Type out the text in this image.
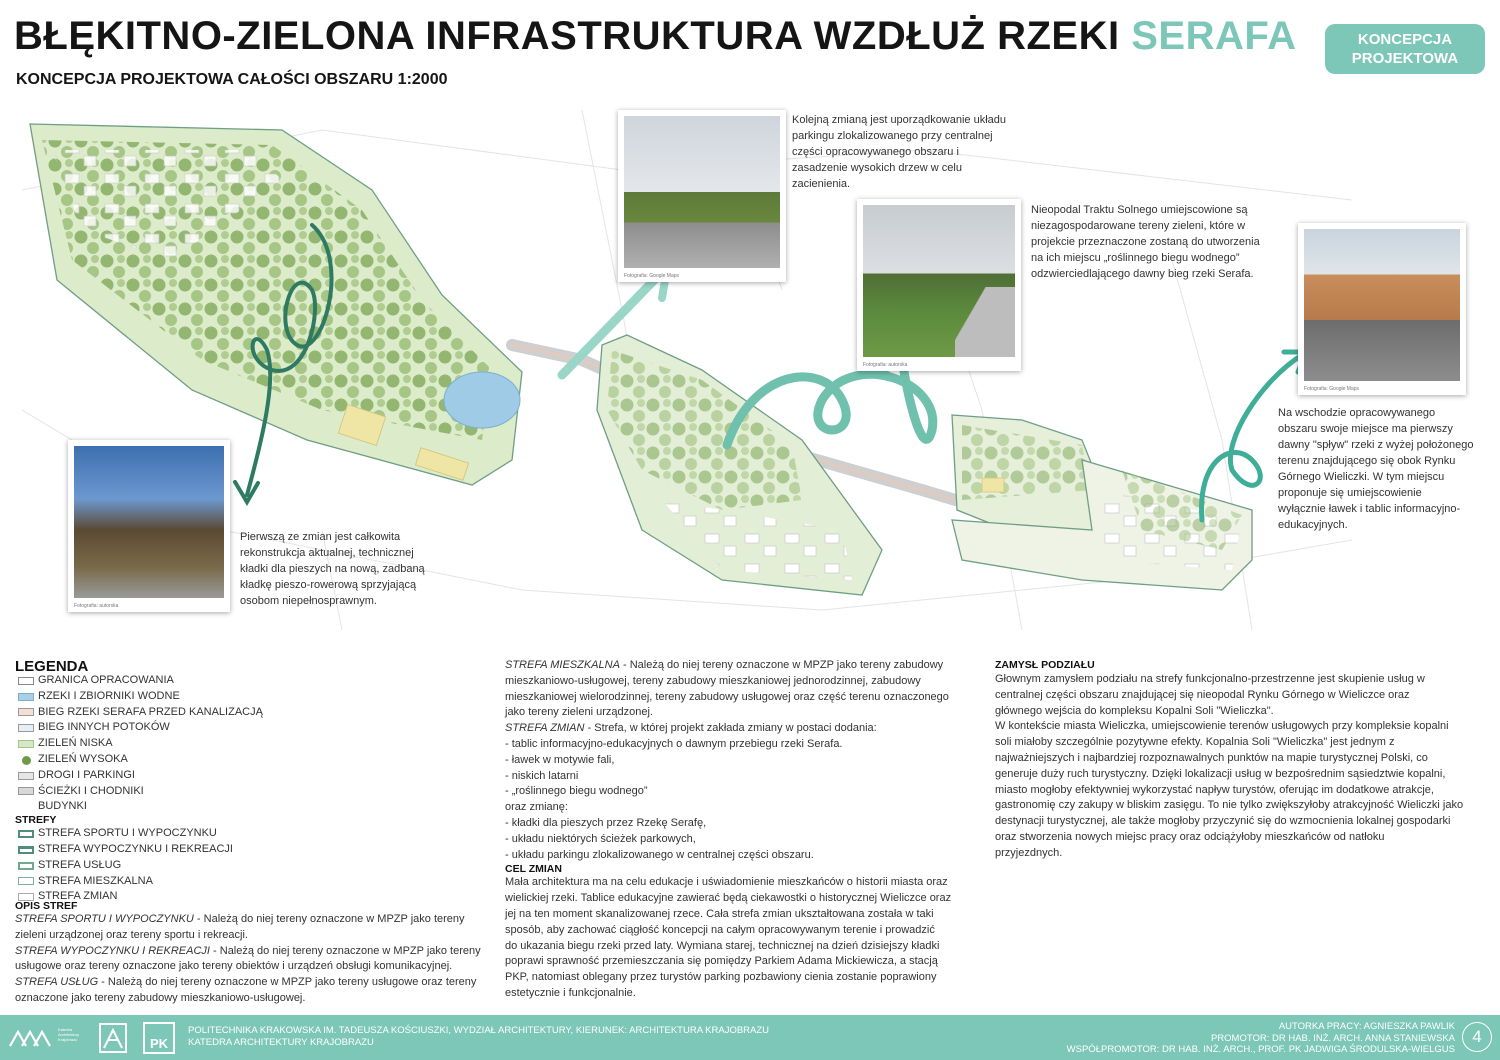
BŁĘKITNO-ZIELONA INFRASTRUKTURA WZDŁUŻ RZEKI SERAFA
KONCEPCJA PROJEKTOWA CAŁOŚCI OBSZARU 1:2000
KONCEPCJA
PROJEKTOWA
Fotografia: Google Maps
Fotografia: autorska
Fotografia: autorska
Fotografia: Google Maps
Kolejną zmianą jest uporządkowanie układu
parkingu zlokalizowanego przy centralnej
części opracowywanego obszaru i
zasadzenie wysokich drzew w celu
zacienienia.
Nieopodal Traktu Solnego umiejscowione są
niezagospodarowane tereny zieleni, które w
projekcie przeznaczone zostaną do utworzenia
na ich miejscu „roślinnego biegu wodnego”
odzwierciedlającego dawny bieg rzeki Serafa.
Na wschodzie opracowywanego
obszaru swoje miejsce ma pierwszy
dawny "spływ" rzeki z wyżej położonego
terenu znajdującego się obok Rynku
Górnego Wieliczki. W tym miejscu
proponuje się umiejscowienie
wyłącznie ławek i tablic informacyjno-
edukacyjnych.
Pierwszą ze zmian jest całkowita
rekonstrukcja aktualnej, technicznej
kładki dla pieszych na nową, zadbaną
kładkę pieszo-rowerową sprzyjającą
osobom niepełnosprawnym.
LEGENDA
GRANICA OPRACOWANIA
RZEKI I ZBIORNIKI WODNE
BIEG RZEKI SERAFA PRZED KANALIZACJĄ
BIEG INNYCH POTOKÓW
ZIELEŃ NISKA
ZIELEŃ WYSOKA
DROGI I PARKINGI
ŚCIEŻKI I CHODNIKI
BUDYNKI
STREFY
STREFA SPORTU I WYPOCZYNKU
STREFA WYPOCZYNKU I REKREACJI
STREFA USŁUG
STREFA MIESZKALNA
STREFA ZMIAN
OPIS STREF
STREFA SPORTU I WYPOCZYNKU - Należą do niej tereny oznaczone w MPZP jako tereny
zieleni urządzonej oraz tereny sportu i rekreacji.
STREFA WYPOCZYNKU I REKREACJI - Należą do niej tereny oznaczone w MPZP jako tereny
usługowe oraz tereny oznaczone jako tereny obiektów i urządzeń obsługi komunikacyjnej.
STREFA USŁUG - Należą do niej tereny oznaczone w MPZP jako tereny usługowe oraz tereny
oznaczone jako tereny zabudowy mieszkaniowo-usługowej.
STREFA MIESZKALNA - Należą do niej tereny oznaczone w MPZP jako tereny zabudowy
mieszkaniowo-usługowej, tereny zabudowy mieszkaniowej jednorodzinnej, zabudowy
mieszkaniowej wielorodzinnej, tereny zabudowy usługowej oraz część terenu oznaczonego
jako tereny zieleni urządzonej.
STREFA ZMIAN - Strefa, w której projekt zakłada zmiany w postaci dodania:
- tablic informacyjno-edukacyjnych o dawnym przebiegu rzeki Serafa.
- ławek w motywie fali,
- niskich latarni
- „roślinnego biegu wodnego”
oraz zmianę:
- kładki dla pieszych przez Rzekę Serafę,
- układu niektórych ścieżek parkowych,
- układu parkingu zlokalizowanego w centralnej części obszaru.
CEL ZMIAN
Mała architektura ma na celu edukacje i uświadomienie mieszkańców o historii miasta oraz
wielickiej rzeki. Tablice edukacyjne zawierać będą ciekawostki o historycznej Wieliczce oraz
jej na ten moment skanalizowanej rzece. Cała strefa zmian ukształtowana została w taki
sposób, aby zachować ciągłość koncepcji na całym opracowywanym terenie i prowadzić
do ukazania biegu rzeki przed laty. Wymiana starej, technicznej na dzień dzisiejszy kładki
poprawi sprawność przemieszczania się pomiędzy Parkiem Adama Mickiewicza, a stacją
PKP, natomiast oblegany przez turystów parking pozbawiony cienia zostanie poprawiony
estetycznie i funkcjonalnie.
ZAMYSŁ PODZIAŁU
Głownym zamysłem podziału na strefy funkcjonalno-przestrzenne jest skupienie usług w
centralnej części obszaru znajdującej się nieopodal Rynku Górnego w Wieliczce oraz
głównego wejścia do kompleksu Kopalni Soli "Wieliczka".
W kontekście miasta Wieliczka, umiejscowienie terenów usługowych przy kompleksie kopalni
soli miałoby szczególnie pozytywne efekty. Kopalnia Soli "Wieliczka" jest jednym z
najważniejszych i najbardziej rozpoznawalnych punktów na mapie turystycznej Polski, co
generuje duży ruch turystyczny. Dzięki lokalizacji usług w bezpośrednim sąsiedztwie kopalni,
miasto mogłoby efektywniej wykorzystać napływ turystów, oferując im dodatkowe atrakcje,
gastronomię czy zakupy w bliskim zasięgu. To nie tylko zwiększyłoby atrakcyjność Wieliczki jako
destynacji turystycznej, ale także mogłoby przyczynić się do wzmocnienia lokalnej gospodarki
oraz stworzenia nowych miejsc pracy oraz odciążyłoby mieszkańców od natłoku
przyjezdnych.
Katedra Architektury Krajobrazu	PK
POLITECHNIKA KRAKOWSKA IM. TADEUSZA KOŚCIUSZKI, WYDZIAŁ ARCHITEKTURY, KIERUNEK: ARCHITEKTURA KRAJOBRAZU
KATEDRA ARCHITEKTURY KRAJOBRAZU
AUTORKA PRACY: AGNIESZKA PAWLIK
PROMOTOR: DR HAB. INŻ. ARCH. ANNA STANIEWSKA
WSPÓŁPROMOTOR: DR HAB. INŻ. ARCH., PROF. PK JADWIGA ŚRODULSKA-WIELGUS
4
